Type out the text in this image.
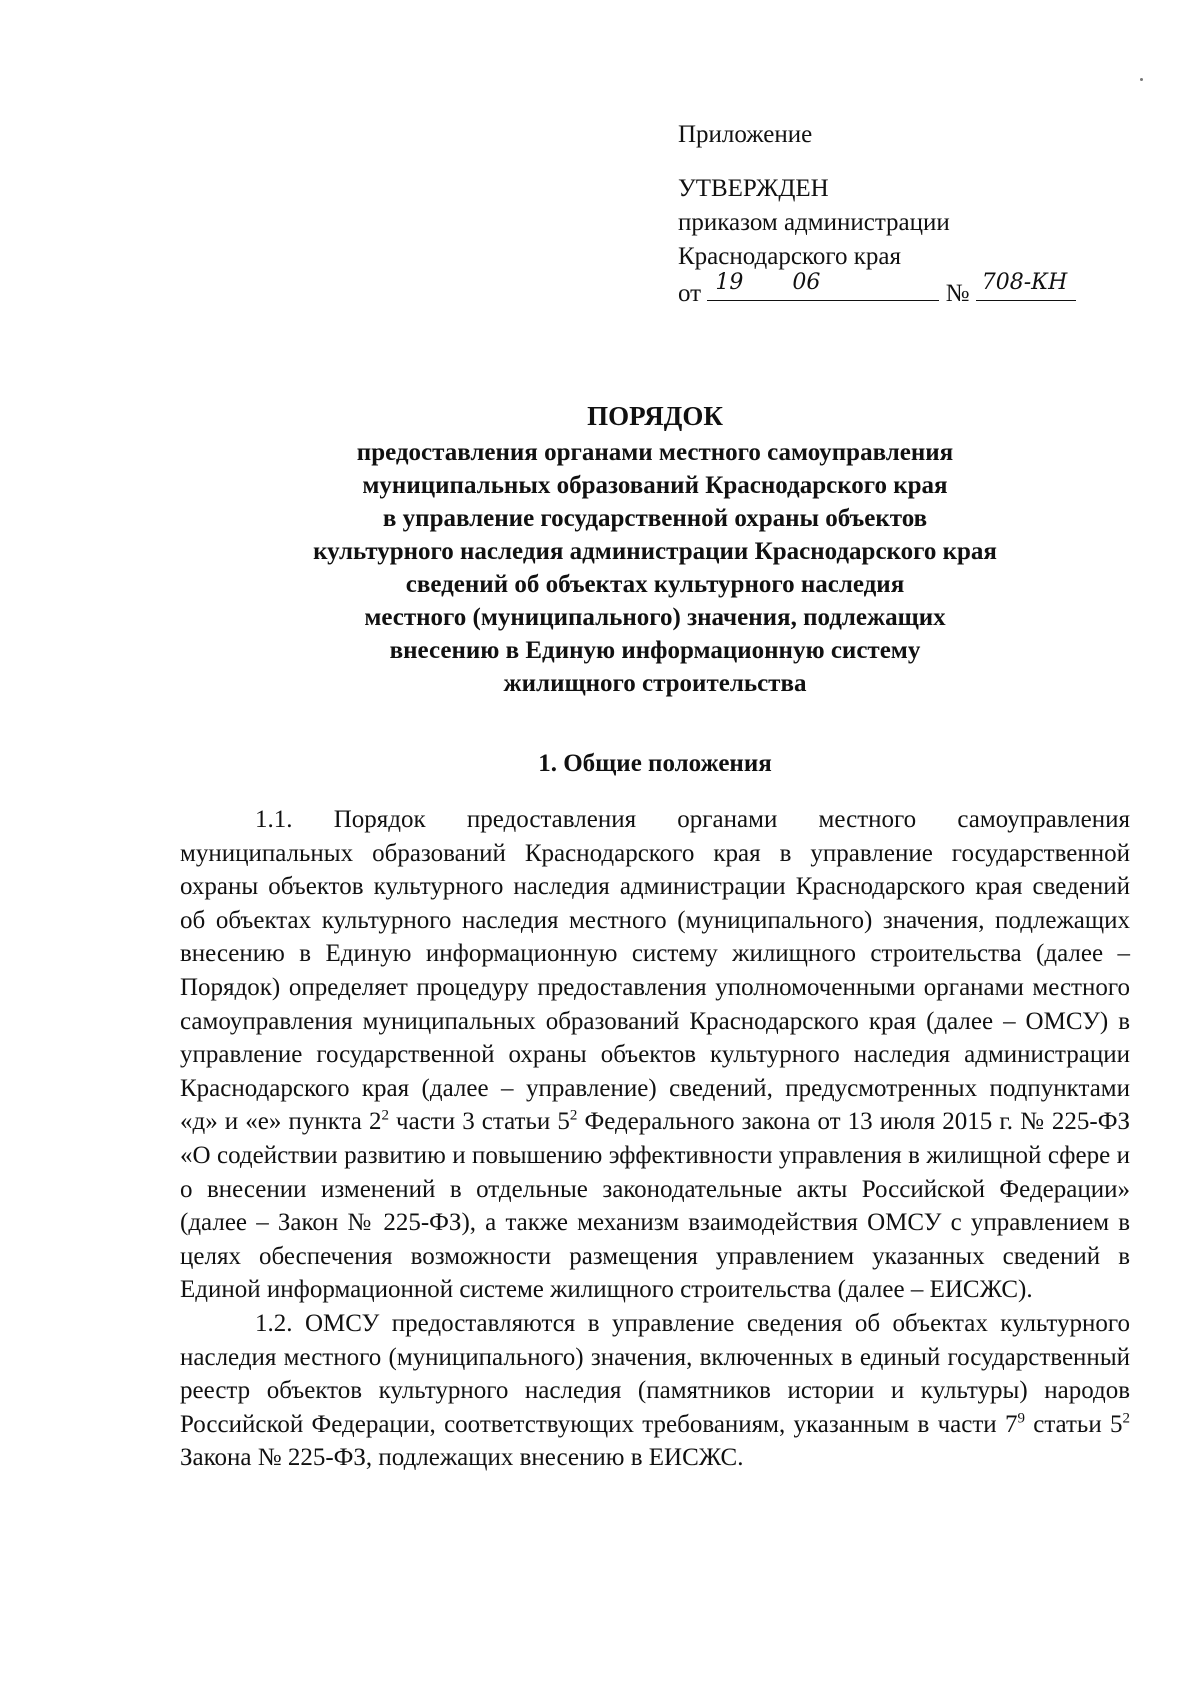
Приложение
УТВЕРЖДЕН
приказом администрации
Краснодарского края
от 19 06	№ 708-КН
ПОРЯДОК
предоставления органами местного самоуправления
муниципальных образований Краснодарского края
в управление государственной охраны объектов
культурного наследия администрации Краснодарского края
сведений об объектах культурного наследия
местного (муниципального) значения, подлежащих
внесению в Единую информационную систему
жилищного строительства
1. Общие положения

1.1. Порядок предоставления органами местного самоуправления муниципальных образований Краснодарского края в управление государственной охраны объектов культурного наследия администрации Краснодарского края сведений об объектах культурного наследия местного (муниципального) значения, подлежащих внесению в Единую информационную систему жилищного строительства (далее – Порядок) определяет процедуру предоставления уполномоченными органами местного самоуправления муниципальных образований Краснодарского края (далее – ОМСУ) в управление государственной охраны объектов культурного наследия администрации Краснодарского края (далее – управление) сведений, предусмотренных подпунктами «д» и «е» пункта $2^2$ части 3 статьи $5^2$ Федерального закона от 13 июля 2015 г. № 225-ФЗ «О содействии развитию и повышению эффективности управления в жилищной сфере и о внесении изменений в отдельные законодательные акты Российской Федерации» (далее – Закон № 225-ФЗ), а также механизм взаимодействия ОМСУ с управлением в целях обеспечения возможности размещения управлением указанных сведений в Единой информационной системе жилищного строительства (далее – ЕИСЖС).

1.2. ОМСУ предоставляются в управление сведения об объектах культурного наследия местного (муниципального) значения, включенных в единый государственный реестр объектов культурного наследия (памятников истории и культуры) народов Российской Федерации, соответствующих требованиям, указанным в части $7^9$ статьи $5^2$ Закона № 225-ФЗ, подлежащих внесению в ЕИСЖС.
